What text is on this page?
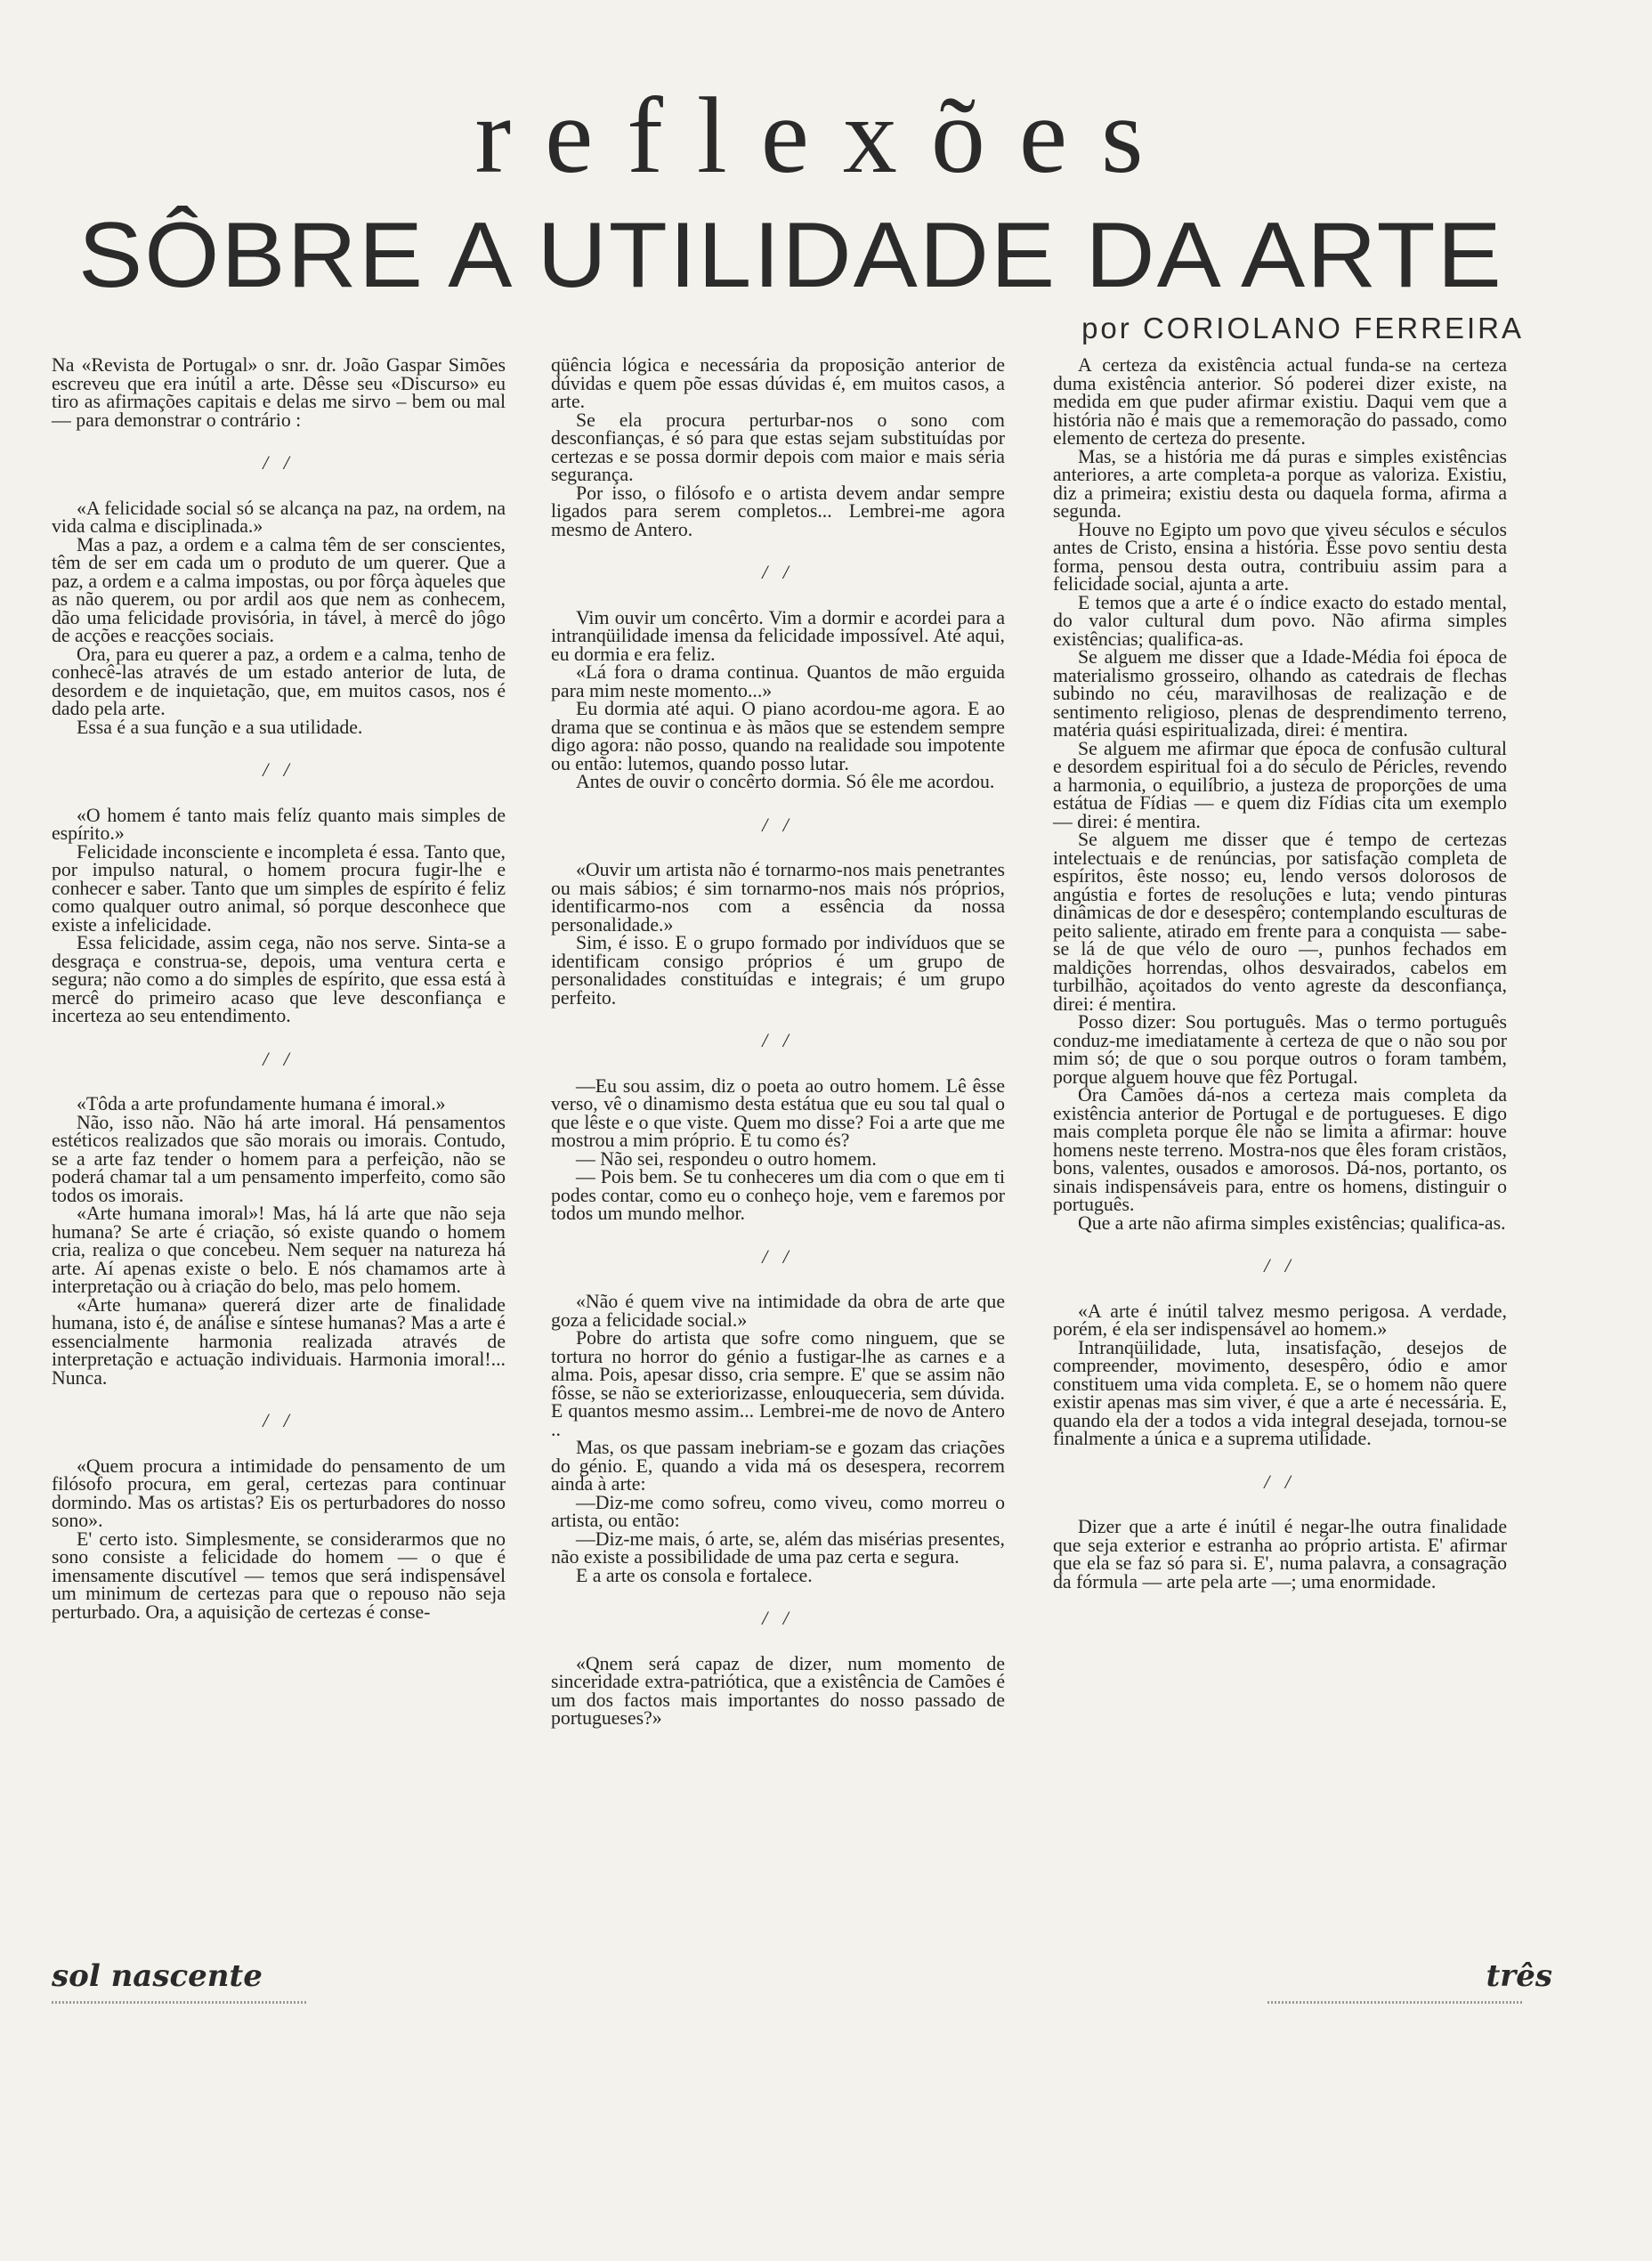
reflexões
SÔBRE A UTILIDADE DA ARTE
por CORIOLANO FERREIRA

Na «Revista de Portugal» o snr. dr. João Gaspar Simões escreveu que era inútil a arte. Dêsse seu «Discurso» eu tiro as afirmações capitais e delas me sirvo – bem ou mal — para demonstrar o contrário :

/ /

«A felicidade social só se alcança na paz, na ordem, na vida calma e disciplinada.»

Mas a paz, a ordem e a calma têm de ser conscientes, têm de ser em cada um o produto de um querer. Que a paz, a ordem e a calma impostas, ou por fôrça àqueles que as não querem, ou por ardil aos que nem as conhecem, dão uma felicidade provisória, in tável, à mercê do jôgo de acções e reacções sociais.

Ora, para eu querer a paz, a ordem e a calma, tenho de conhecê-las através de um estado anterior de luta, de desordem e de inquietação, que, em muitos casos, nos é dado pela arte.

Essa é a sua função e a sua utilidade.

/ /

«O homem é tanto mais felíz quanto mais simples de espírito.»

Felicidade inconsciente e incompleta é essa. Tanto que, por impulso natural, o homem procura fugir-lhe e conhecer e saber. Tanto que um simples de espírito é feliz como qualquer outro animal, só porque desconhece que existe a infelicidade.

Essa felicidade, assim cega, não nos serve. Sinta-se a desgraça e construa-se, depois, uma ventura certa e segura; não como a do simples de espírito, que essa está à mercê do primeiro acaso que leve desconfiança e incerteza ao seu entendimento.

/ /

«Tôda a arte profundamente humana é imoral.»

Não, isso não. Não há arte imoral. Há pensamentos estéticos realizados que são morais ou imorais. Contudo, se a arte faz tender o homem para a perfeição, não se poderá chamar tal a um pensamento imperfeito, como são todos os imorais.

«Arte humana imoral»! Mas, há lá arte que não seja humana? Se arte é criação, só existe quando o homem cria, realiza o que concebeu. Nem sequer na natureza há arte. Aí apenas existe o belo. E nós chamamos arte à interpretação ou à criação do belo, mas pelo homem.

«Arte humana» quererá dizer arte de finalidade humana, isto é, de análise e síntese humanas? Mas a arte é essencialmente harmonia realizada através de interpretação e actuação individuais. Harmonia imoral!... Nunca.

/ /

«Quem procura a intimidade do pensamento de um filósofo procura, em geral, certezas para continuar dormindo. Mas os artistas? Eis os perturbadores do nosso sono».

E' certo isto. Simplesmente, se considerarmos que no sono consiste a felicidade do homem — o que é imensamente discutível — temos que será indispensável um minimum de certezas para que o repouso não seja perturbado. Ora, a aquisição de certezas é conse-

qüência lógica e necessária da proposição anterior de dúvidas e quem põe essas dúvidas é, em muitos casos, a arte.

Se ela procura perturbar-nos o sono com desconfianças, é só para que estas sejam substituídas por certezas e se possa dormir depois com maior e mais séria segurança.

Por isso, o filósofo e o artista devem andar sempre ligados para serem completos... Lembrei-me agora mesmo de Antero.

/ /

Vim ouvir um concêrto. Vim a dormir e acordei para a intranqüilidade imensa da felicidade impossível. Até aqui, eu dormia e era feliz.

«Lá fora o drama continua. Quantos de mão erguida para mim neste momento...»

Eu dormia até aqui. O piano acordou-me agora. E ao drama que se continua e às mãos que se estendem sempre digo agora: não posso, quando na realidade sou impotente ou então: lutemos, quando posso lutar.

Antes de ouvir o concêrto dormia. Só êle me acordou.

/ /

«Ouvir um artista não é tornarmo-nos mais penetrantes ou mais sábios; é sim tornarmo-nos mais nós próprios, identificarmo-nos com a essência da nossa personalidade.»

Sim, é isso. E o grupo formado por indivíduos que se identificam consigo próprios é um grupo de personalidades constituídas e integrais; é um grupo perfeito.

/ /

—Eu sou assim, diz o poeta ao outro homem. Lê êsse verso, vê o dinamismo desta estátua que eu sou tal qual o que lêste e o que viste. Quem mo disse? Foi a arte que me mostrou a mim próprio. E tu como és?

— Não sei, respondeu o outro homem.

— Pois bem. Se tu conheceres um dia com o que em ti podes contar, como eu o conheço hoje, vem e faremos por todos um mundo melhor.

/ /

«Não é quem vive na intimidade da obra de arte que goza a felicidade social.»

Pobre do artista que sofre como ninguem, que se tortura no horror do génio a fustigar-lhe as carnes e a alma. Pois, apesar disso, cria sempre. E' que se assim não fôsse, se não se exteriorizasse, enlouqueceria, sem dúvida. E quantos mesmo assim... Lembrei-me de novo de Antero ..

Mas, os que passam inebriam-se e gozam das criações do génio. E, quando a vida má os desespera, recorrem ainda à arte:

—Diz-me como sofreu, como viveu, como morreu o artista, ou então:

—Diz-me mais, ó arte, se, além das misérias presentes, não existe a possibilidade de uma paz certa e segura.

E a arte os consola e fortalece.

/ /

«Qnem será capaz de dizer, num momento de sinceridade extra-patriótica, que a existência de Camões é um dos factos mais importantes do nosso passado de portugueses?»

A certeza da existência actual funda-se na certeza duma existência anterior. Só poderei dizer existe, na medida em que puder afirmar existiu. Daqui vem que a história não é mais que a rememoração do passado, como elemento de certeza do presente.

Mas, se a história me dá puras e simples existências anteriores, a arte completa-a porque as valoriza. Existiu, diz a primeira; existiu desta ou daquela forma, afirma a segunda.

Houve no Egipto um povo que viveu séculos e séculos antes de Cristo, ensina a história. Êsse povo sentiu desta forma, pensou desta outra, contribuiu assim para a felicidade social, ajunta a arte.

E temos que a arte é o índice exacto do estado mental, do valor cultural dum povo. Não afirma simples existências; qualifica-as.

Se alguem me disser que a Idade-Média foi época de materialismo grosseiro, olhando as catedrais de flechas subindo no céu, maravilhosas de realização e de sentimento religioso, plenas de desprendimento terreno, matéria quási espiritualizada, direi: é mentira.

Se alguem me afirmar que época de confusão cultural e desordem espiritual foi a do século de Péricles, revendo a harmonia, o equilíbrio, a justeza de proporções de uma estátua de Fídias — e quem diz Fídias cita um exemplo — direi: é mentira.

Se alguem me disser que é tempo de certezas intelectuais e de renúncias, por satisfação completa de espíritos, êste nosso; eu, lendo versos dolorosos de angústia e fortes de resoluções e luta; vendo pinturas dinâmicas de dor e desespêro; contemplando esculturas de peito saliente, atirado em frente para a conquista — sabe-se lá de que vélo de ouro —, punhos fechados em maldições horrendas, olhos desvairados, cabelos em turbilhão, açoitados do vento agreste da desconfiança, direi: é mentira.

Posso dizer: Sou português. Mas o termo português conduz-me imediatamente à certeza de que o não sou por mim só; de que o sou porque outros o foram também, porque alguem houve que fêz Portugal.

Ora Camões dá-nos a certeza mais completa da existência anterior de Portugal e de portugueses. E digo mais completa porque êle não se limita a afirmar: houve homens neste terreno. Mostra-nos que êles foram cristãos, bons, valentes, ousados e amorosos. Dá-nos, portanto, os sinais indispensáveis para, entre os homens, distinguir o português.

Que a arte não afirma simples existências; qualifica-as.

/ /

«A arte é inútil talvez mesmo perigosa. A verdade, porém, é ela ser indispensável ao homem.»

Intranqüilidade, luta, insatisfação, desejos de compreender, movimento, desespêro, ódio e amor constituem uma vida completa. E, se o homem não quere existir apenas mas sim viver, é que a arte é necessária. E, quando ela der a todos a vida integral desejada, tornou-se finalmente a única e a suprema utilidade.

/ /

Dizer que a arte é inútil é negar-lhe outra finalidade que seja exterior e estranha ao próprio artista. E' afirmar que ela se faz só para si. E', numa palavra, a consagração da fórmula — arte pela arte —; uma enormidade.

sol nascente	três
